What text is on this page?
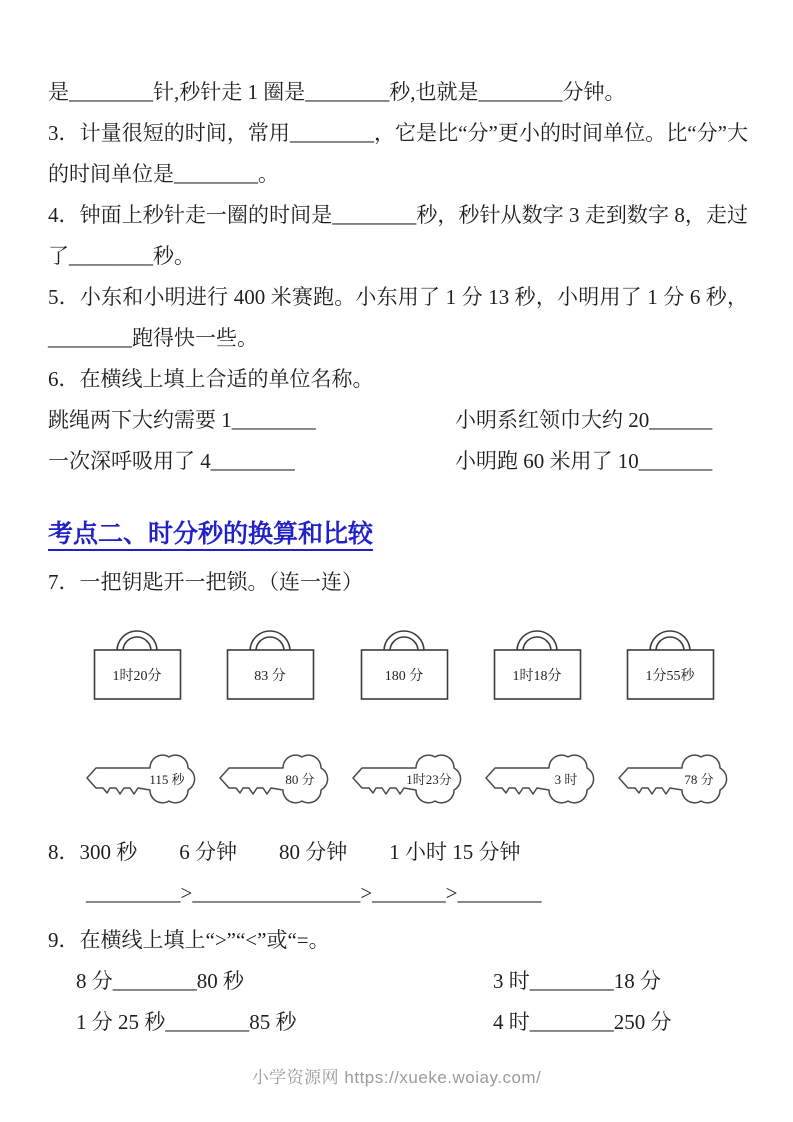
是________针,秒针走 1 圈是________秒,也就是________分钟。

3．计量很短的时间，常用________，它是比“分”更小的时间单位。比“分”大的时间单位是________。

4．钟面上秒针走一圈的时间是________秒，秒针从数字 3 走到数字 8，走过了________秒。

5．小东和小明进行 400 米赛跑。小东用了 1 分 13 秒，小明用了 1 分 6 秒，________跑得快一些。

6．在横线上填上合适的单位名称。

跳绳两下大约需要 1________	小明系红领巾大约 20______
一次深呼吸用了 4________	小明跑 60 米用了 10_______
考点二、时分秒的换算和比较

7．一把钥匙开一把锁。（连一连）

1时20分	83 分	180 分	1时18分	1分55秒
115 秒	80 分	1时23分	3 时	78 分

8．300 秒　　6 分钟　　80 分钟　　1 小时 15 分钟

_________>________________>_______>________

9．在横线上填上“>”“<”或“=。

8 分________80 秒	3 时________18 分
1 分 25 秒________85 秒	4 时________250 分
小学资源网 https://xueke.woiay.com/
